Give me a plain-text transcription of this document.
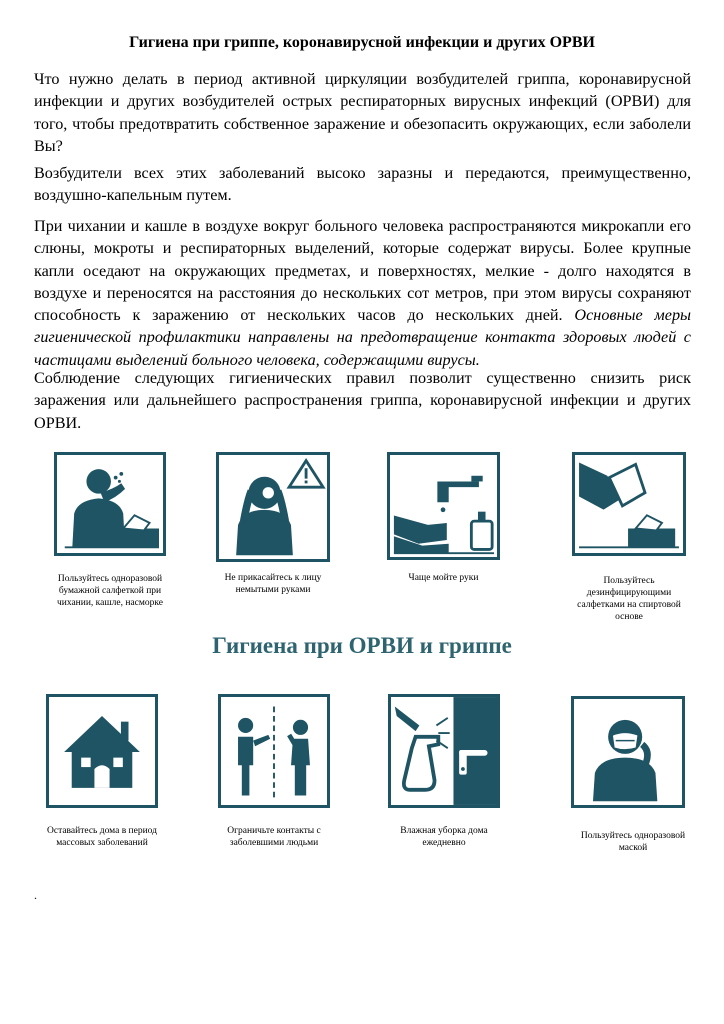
Гигиена при гриппе, коронавирусной инфекции и других ОРВИ

Что нужно делать в период активной циркуляции возбудителей гриппа, коронавирусной инфекции и других возбудителей острых респираторных вирусных инфекций (ОРВИ) для того, чтобы предотвратить собственное заражение и обезопасить окружающих, если заболели Вы?

Возбудители всех этих заболеваний высоко заразны и передаются, преимущественно, воздушно-капельным путем.

При чихании и кашле в воздухе вокруг больного человека распространяются микрокапли его слюны, мокроты и респираторных выделений, которые содержат вирусы. Более крупные капли оседают на окружающих предметах, и поверхностях, мелкие - долго находятся в воздухе и переносятся на расстояния до нескольких сот метров, при этом вирусы сохраняют способность к заражению от нескольких часов до нескольких дней. Основные меры гигиенической профилактики направлены на предотвращение контакта здоровых людей с частицами выделений больного человека, содержащими вирусы.

Соблюдение следующих гигиенических правил позволит существенно снизить риск заражения или дальнейшего распространения гриппа, коронавирусной инфекции и других ОРВИ.

Пользуйтесь одноразовой бумажной салфеткой при чихании, кашле, насморке
Не прикасайтесь к лицу немытыми руками
Чаще мойте руки	Пользуйтесь дезинфицирующими салфетками на спиртовой основе
Гигиена при ОРВИ и гриппе
Оставайтесь дома в период массовых заболеваний
Ограничьте контакты с заболевшими людьми
Влажная уборка дома ежедневно
Пользуйтесь одноразовой маской
.
